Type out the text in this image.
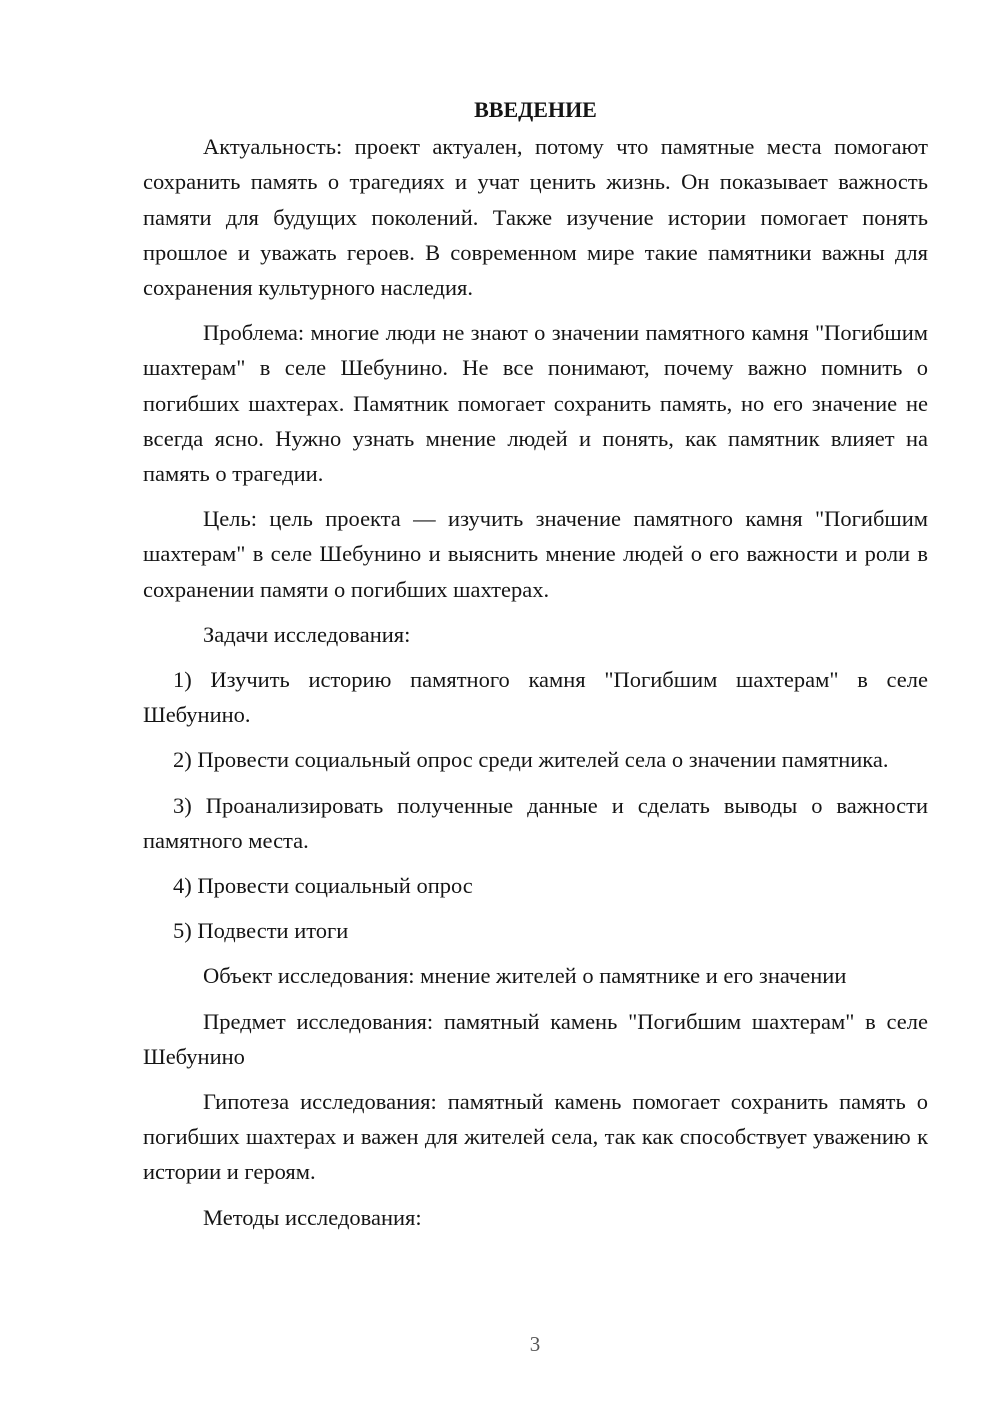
ВВЕДЕНИЕ

Актуальность: проект актуален, потому что памятные места помогают сохранить память о трагедиях и учат ценить жизнь. Он показывает важность памяти для будущих поколений. Также изучение истории помогает понять прошлое и уважать героев. В современном мире такие памятники важны для сохранения культурного наследия.

Проблема: многие люди не знают о значении памятного камня "Погибшим шахтерам" в селе Шебунино. Не все понимают, почему важно помнить о погибших шахтерах. Памятник помогает сохранить память, но его значение не всегда ясно. Нужно узнать мнение людей и понять, как памятник влияет на память о трагедии.

Цель: цель проекта — изучить значение памятного камня "Погибшим шахтерам" в селе Шебунино и выяснить мнение людей о его важности и роли в сохранении памяти о погибших шахтерах.

Задачи исследования:

1) Изучить историю памятного камня "Погибшим шахтерам" в селе Шебунино.

2) Провести социальный опрос среди жителей села о значении памятника.

3) Проанализировать полученные данные и сделать выводы о важности памятного места.

4) Провести социальный опрос

5) Подвести итоги

Объект исследования: мнение жителей о памятнике и его значении

Предмет исследования: памятный камень "Погибшим шахтерам" в селе Шебунино

Гипотеза исследования: памятный камень помогает сохранить память о погибших шахтерах и важен для жителей села, так как способствует уважению к истории и героям.

Методы исследования:

3
